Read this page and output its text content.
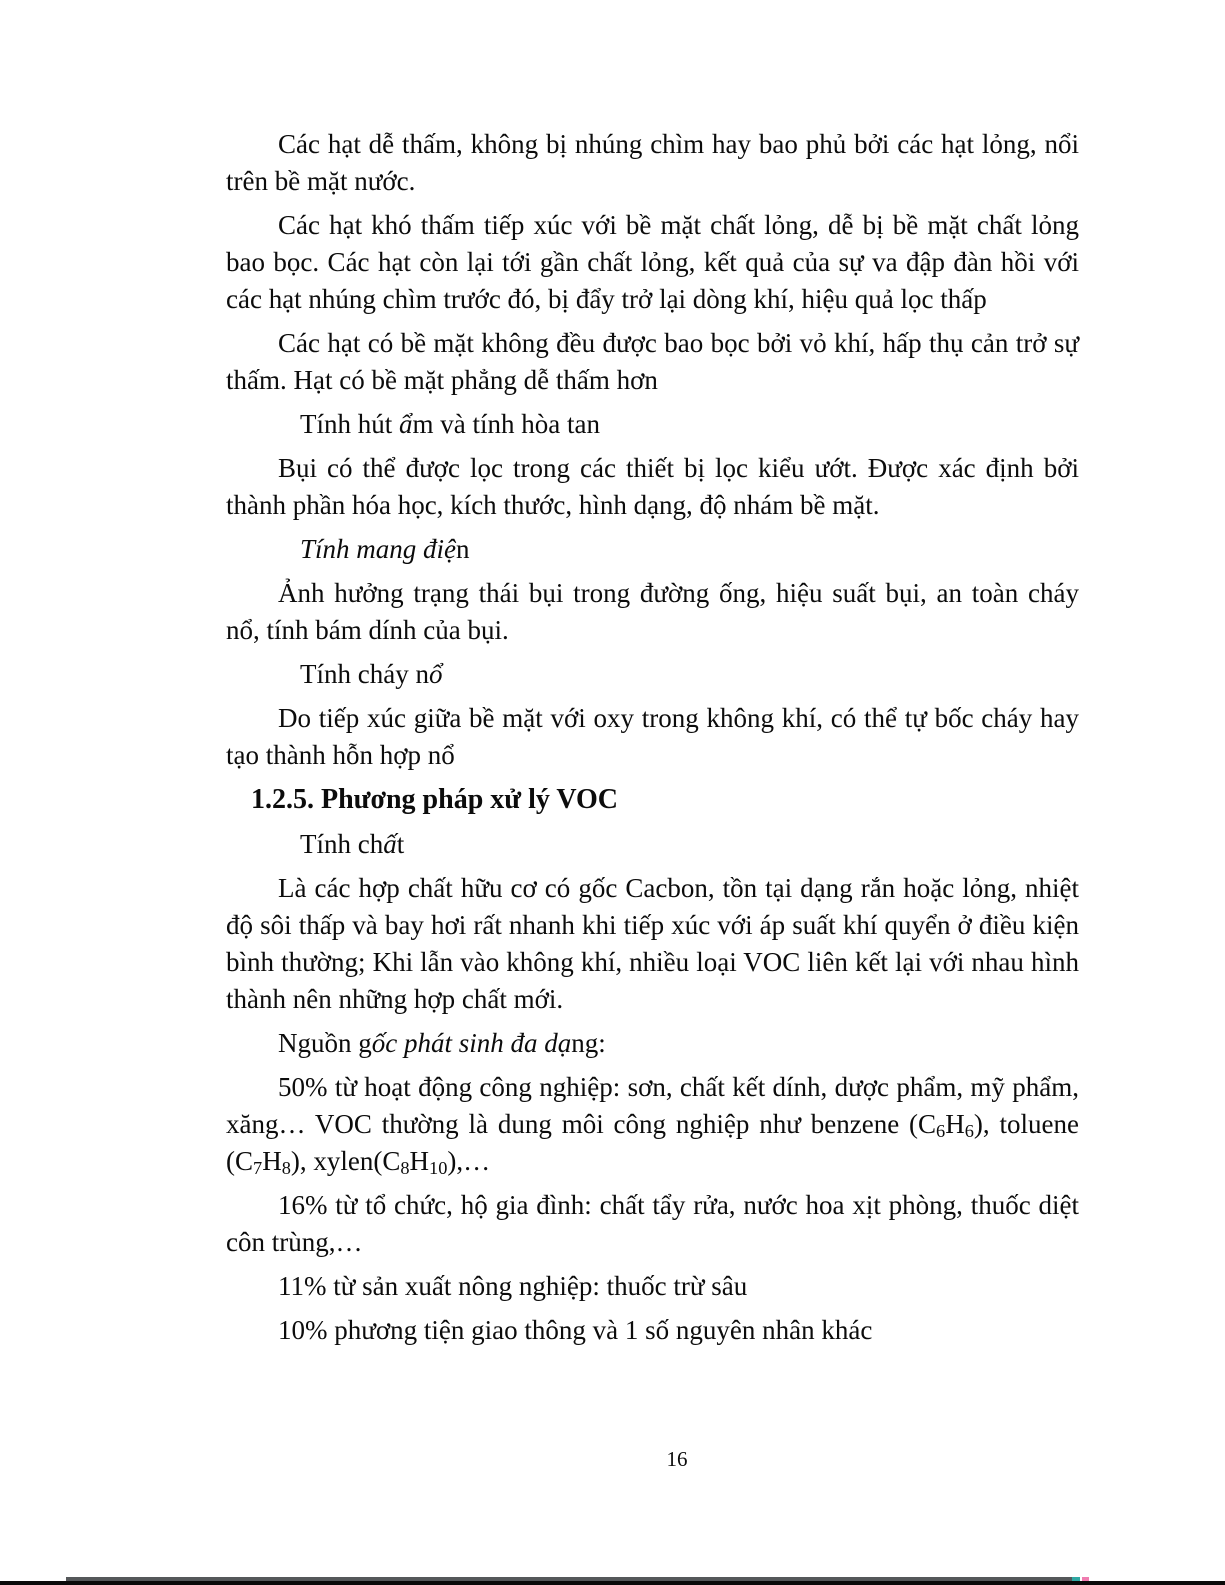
Các hạt dễ thấm, không bị nhúng chìm hay bao phủ bởi các hạt lỏng, nổi trên bề mặt nước.

Các hạt khó thấm tiếp xúc với bề mặt chất lỏng, dễ bị bề mặt chất lỏng bao bọc. Các hạt còn lại tới gần chất lỏng, kết quả của sự va đập đàn hồi với các hạt nhúng chìm trước đó, bị đẩy trở lại dòng khí, hiệu quả lọc thấp

Các hạt có bề mặt không đều được bao bọc bởi vỏ khí, hấp thụ cản trở sự thấm. Hạt có bề mặt phẳng dễ thấm hơn

Tính hút ẩm và tính hòa tan

Bụi có thể được lọc trong các thiết bị lọc kiểu ướt. Được xác định bởi thành phần hóa học, kích thước, hình dạng, độ nhám bề mặt.

Tính mang điện

Ảnh hưởng trạng thái bụi trong đường ống, hiệu suất bụi, an toàn cháy nổ, tính bám dính của bụi.

Tính cháy nổ

Do tiếp xúc giữa bề mặt với oxy trong không khí, có thể tự bốc cháy hay tạo thành hỗn hợp nổ

1.2.5. Phương pháp xử lý VOC

Tính chất

Là các hợp chất hữu cơ có gốc Cacbon, tồn tại dạng rắn hoặc lỏng, nhiệt độ sôi thấp và bay hơi rất nhanh khi tiếp xúc với áp suất khí quyển ở điều kiện bình thường; Khi lẫn vào không khí, nhiều loại VOC liên kết lại với nhau hình thành nên những hợp chất mới.

Nguồn gốc phát sinh đa dạng:

50% từ hoạt động công nghiệp: sơn, chất kết dính, dược phẩm, mỹ phẩm, xăng… VOC thường là dung môi công nghiệp như benzene (C6H6), toluene (C7H8), xylen(C8H10),…

16% từ tổ chức, hộ gia đình: chất tẩy rửa, nước hoa xịt phòng, thuốc diệt côn trùng,…

11% từ sản xuất nông nghiệp: thuốc trừ sâu

10% phương tiện giao thông và 1 số nguyên nhân khác

16
